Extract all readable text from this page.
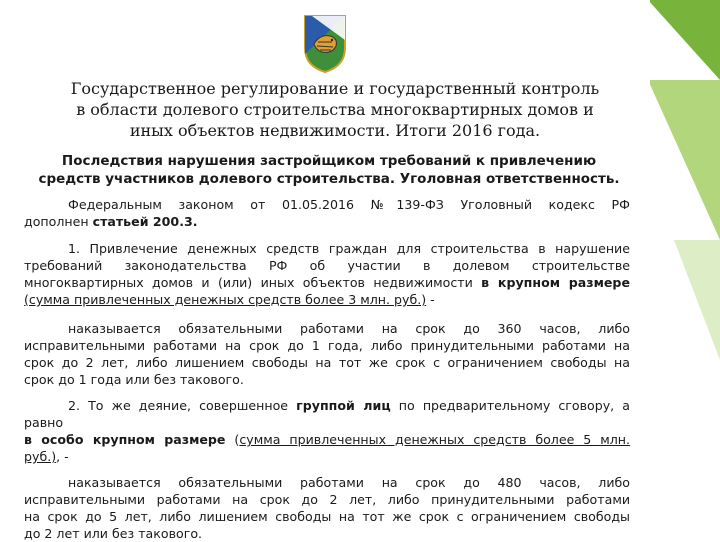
Государственное регулирование и государственный контроль
в области долевого строительства многоквартирных домов и
иных объектов недвижимости. Итоги 2016 года.
Последствия нарушения застройщиком требований к привлечению
средств участников долевого строительства. Уголовная ответственность.
Федеральным законом от 01.05.2016 №139-ФЗ Уголовный кодекс РФ
дополнен статьей 200.3.
1. Привлечение денежных средств граждан для строительства в нарушение
требований законодательства РФ об участии в долевом строительстве
многоквартирных домов и (или) иных объектов недвижимости в крупном размере
(сумма привлеченных денежных средств более 3 млн. руб.) -
наказывается обязательными работами на срок до 360 часов, либо
исправительными работами на срок до 1 года, либо принудительными работами на
срок до 2 лет, либо лишением свободы на тот же срок с ограничением свободы на
срок до 1 года или без такового.
2. То же деяние, совершенное группой лиц по предварительному сговору, а
равно
в особо крупном размере (сумма привлеченных денежных средств более 5 млн.
руб.), -
наказывается обязательными работами на срок до 480 часов, либо
исправительными работами на срок до 2 лет, либо принудительными работами
на срок до 5 лет, либо лишением свободы на тот же срок с ограничением свободы
до 2 лет или без такового.
